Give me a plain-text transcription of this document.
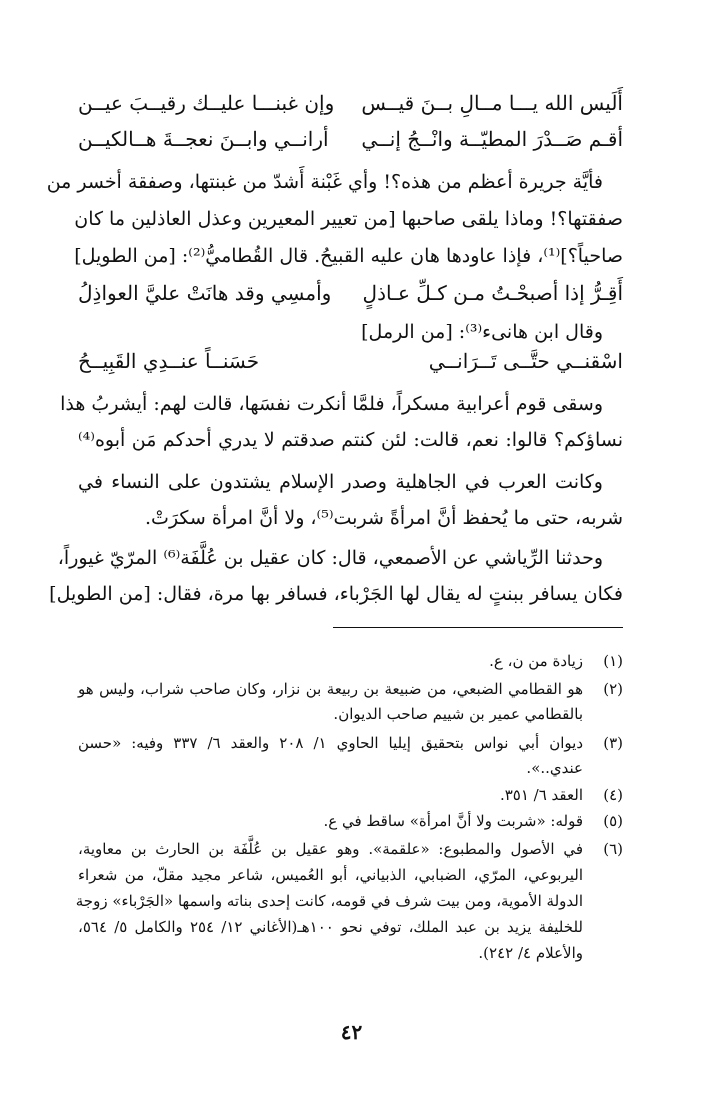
أَلَيس الله يـــا مــالِ بــنَ قيــس
وإن غبنـــا عليــك رقيــبَ عيــن
أقـم صَــدْرَ المطيّــة وانْــجُ إنــي
أرانــي وابــنَ نعجــةَ هــالكيــن
فأيَّة جريرة أعظم من هذه؟! وأي غَبْنة أَشدّ من غبنتها، وصفقة أخسر من
صفقتها؟! وماذا يلقى صاحبها [من تعيير المعيرين وعذل العاذلين ما كان
صاحياً؟]⁽¹⁾، فإذا عاودها هان عليه القبيحُ. قال القُطاميُّ⁽²⁾: [من الطويل]
أَقِـرُّ إذا أصبحْـتُ مـن كـلِّ عـاذلٍ
وأمسِي وقد هانَتْ عليَّ العواذِلُ
وقال ابن هانىء⁽³⁾: [من الرمل]
اسْقنــي حتَّــى تَــرَانــي
حَسَنــاً عنــدِي القَبِيــحُ
وسقى قوم أعرابية مسكراً، فلمَّا أنكرت نفسَها، قالت لهم: أيشربُ هذا
نساؤكم؟ قالوا: نعم، قالت: لئن كنتم صدقتم لا يدري أحدكم مَن أبوه⁽⁴⁾
وكانت العرب في الجاهلية وصدر الإسلام يشتدون على النساء في
شربه، حتى ما يُحفظ أنَّ امرأةً شربت⁽⁵⁾، ولا أنَّ امرأة سكرَتْ.
وحدثنا الرِّياشي عن الأصمعي، قال: كان عقيل بن عُلَّفَة⁽⁶⁾ المرّيّ غيوراً،
فكان يسافر ببنتٍ له يقال لها الجَرْباء، فسافر بها مرة، فقال: [من الطويل]
(١)
زيادة من ن، ع.
(٢)
هو القطامي الضبعي، من ضبيعة بن ربيعة بن نزار، وكان صاحب شراب، وليس هو
بالقطامي عمير بن شييم صاحب الديوان.
(٣)
ديوان أبي نواس بتحقيق إيليا الحاوي ١/ ٢٠٨ والعقد ٦/ ٣٣٧ وفيه: «حسن
عندي..».
(٤)
العقد ٦/ ٣٥١.
(٥)
قوله: «شربت ولا أنَّ امرأة» ساقط في ع.
(٦)
في الأصول والمطبوع: «علقمة». وهو عقيل بن عُلَّفَة بن الحارث بن معاوية،
اليربوعي، المرّي، الضبابي، الذبياني، أبو العُميس، شاعر مجيد مقلّ، من شعراء
الدولة الأموية، ومن بيت شرف في قومه، كانت إحدى بناته واسمها «الجَرْباء» زوجة
للخليفة يزيد بن عبد الملك، توفي نحو ١٠٠هـ(الأغاني ١٢/ ٢٥٤ والكامل ٥/ ٥٦٤،
والأعلام ٤/ ٢٤٢).
٤٢
